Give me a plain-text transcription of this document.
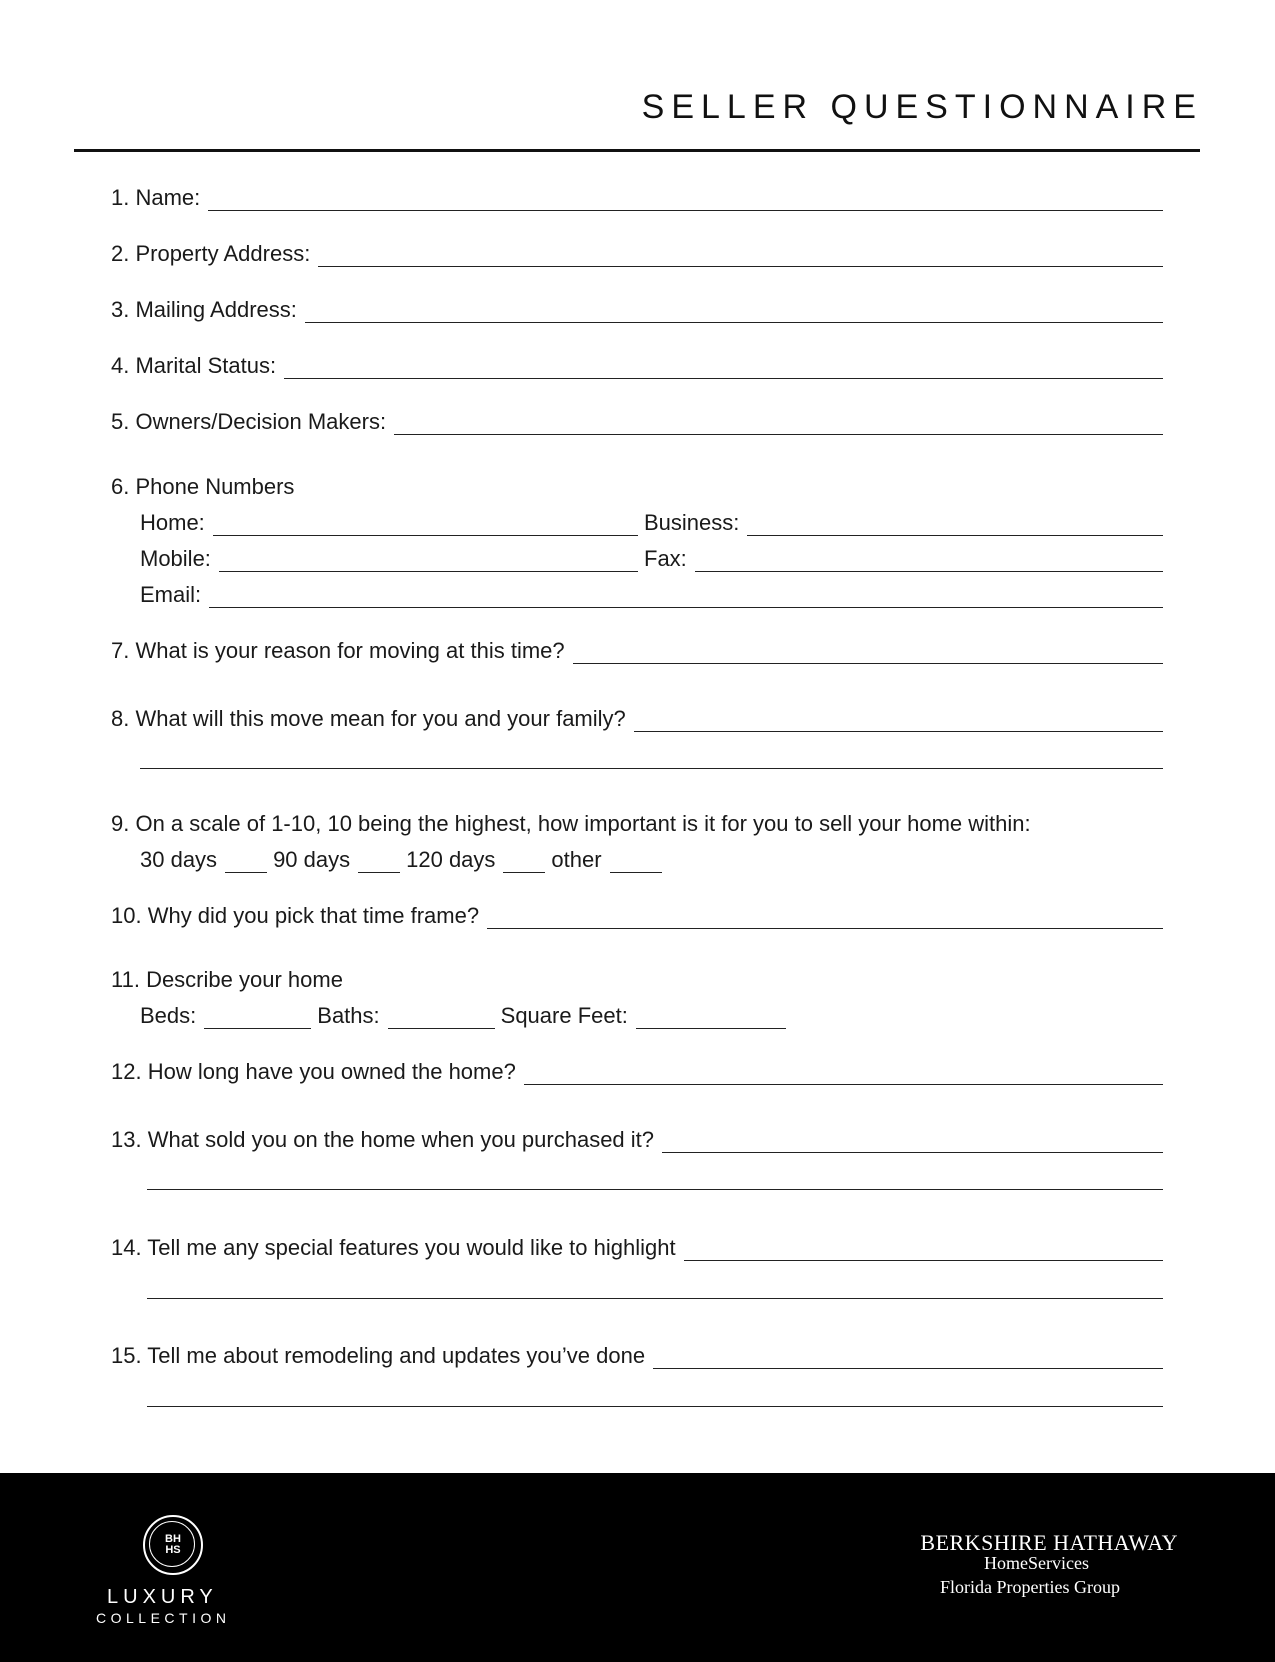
SELLER QUESTIONNAIRE
1. Name:
2. Property Address:
3. Mailing Address:
4. Marital Status:
5. Owners/Decision Makers:
6. Phone Numbers
Home:	Business:
Mobile:	Fax:
Email:
7. What is your reason for moving at this time?
8. What will this move mean for you and your family?
9. On a scale of 1-10, 10 being the highest, how important is it for you to sell your home within:
30 days	90 days	120 days	other
10. Why did you pick that time frame?
11. Describe your home
Beds:	Baths:	Square Feet:
12. How long have you owned the home?
13. What sold you on the home when you purchased it?
14. Tell me any special features you would like to highlight
15. Tell me about remodeling and updates you’ve done
BH
HS
LUXURY
COLLECTION
BERKSHIRE HATHAWAY
HomeServices
Florida Properties Group
